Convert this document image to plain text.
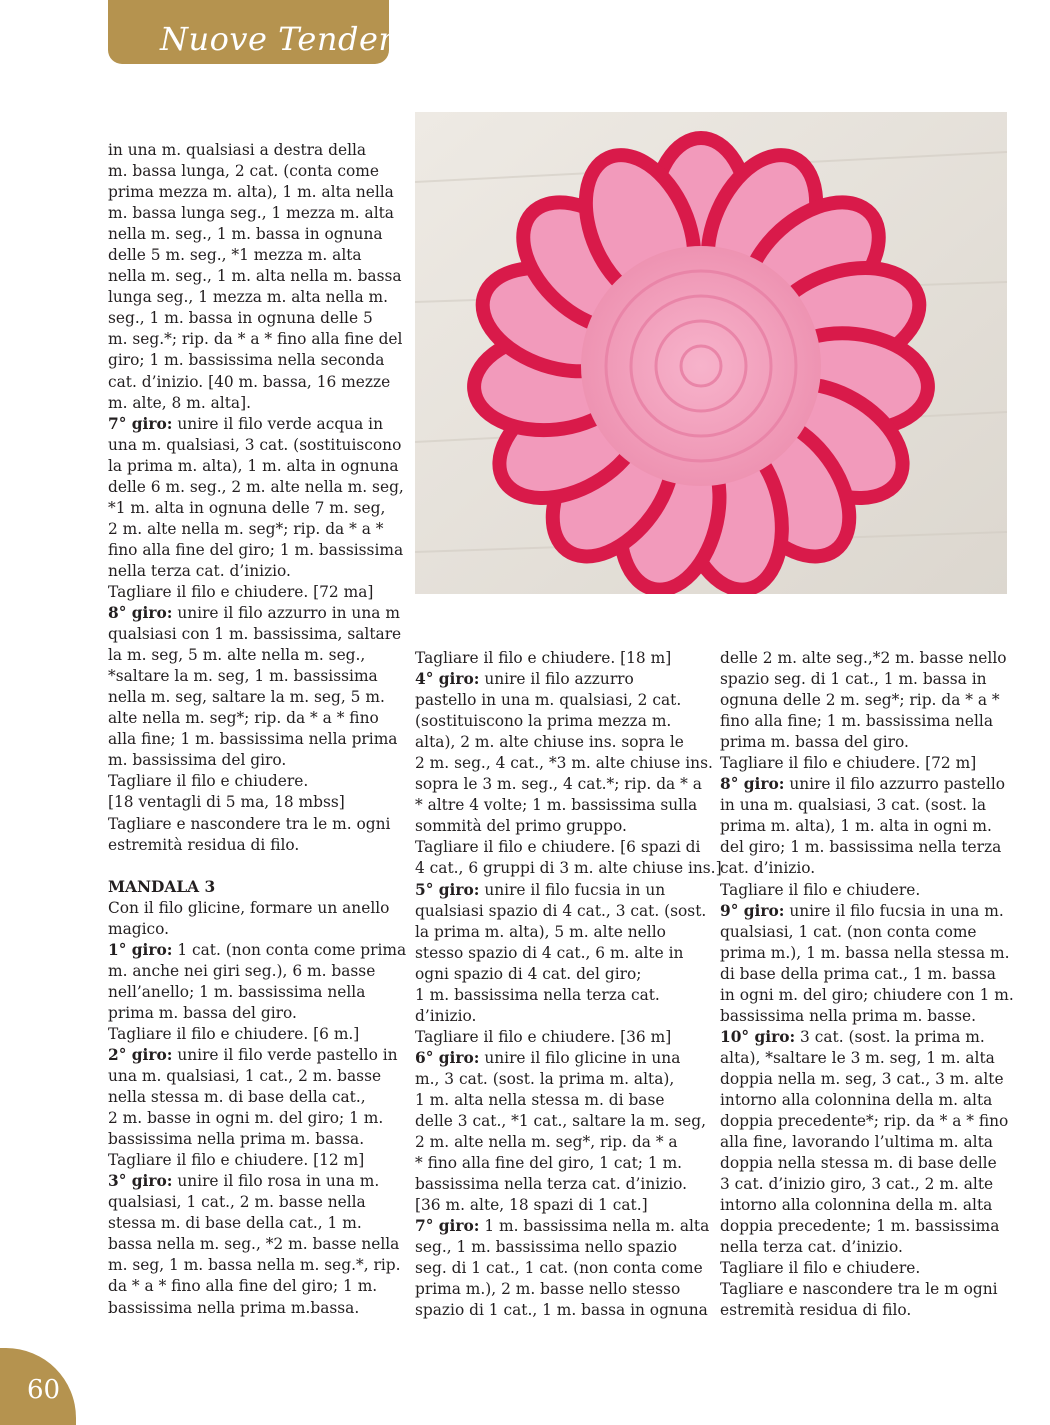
Nuove Tendenze

in una m. qualsiasi a destra della

m. bassa lunga, 2 cat. (conta come

prima mezza m. alta), 1 m. alta nella

m. bassa lunga seg., 1 mezza m. alta

nella m. seg., 1 m. bassa in ognuna

delle 5 m. seg., *1 mezza m. alta

nella m. seg., 1 m. alta nella m. bassa

lunga seg., 1 mezza m. alta nella m.

seg., 1 m. bassa in ognuna delle 5

m. seg.*; rip. da * a * fino alla fine del

giro; 1 m. bassissima nella seconda

cat. d’inizio. [40 m. bassa, 16 mezze

m. alte, 8 m. alta].

7° giro: unire il filo verde acqua in

una m. qualsiasi, 3 cat. (sostituiscono

la prima m. alta), 1 m. alta in ognuna

delle 6 m. seg., 2 m. alte nella m. seg,

*1 m. alta in ognuna delle 7 m. seg,

2 m. alte nella m. seg*; rip. da * a *

fino alla fine del giro; 1 m. bassissima

nella terza cat. d’inizio.

Tagliare il filo e chiudere. [72 ma]

8° giro: unire il filo azzurro in una m

qualsiasi con 1 m. bassissima, saltare

la m. seg, 5 m. alte nella m. seg.,

*saltare la m. seg, 1 m. bassissima

nella m. seg, saltare la m. seg, 5 m.

alte nella m. seg*; rip. da * a * fino

alla fine; 1 m. bassissima nella prima

m. bassissima del giro.

Tagliare il filo e chiudere.

[18 ventagli di 5 ma, 18 mbss]

Tagliare e nascondere tra le m. ogni

estremità residua di filo.

MANDALA 3

Con il filo glicine, formare un anello

magico.

1° giro: 1 cat. (non conta come prima

m. anche nei giri seg.), 6 m. basse

nell’anello; 1 m. bassissima nella

prima m. bassa del giro.

Tagliare il filo e chiudere. [6 m.]

2° giro: unire il filo verde pastello in

una m. qualsiasi, 1 cat., 2 m. basse

nella stessa m. di base della cat.,

2 m. basse in ogni m. del giro; 1 m.

bassissima nella prima m. bassa.

Tagliare il filo e chiudere. [12 m]

3° giro: unire il filo rosa in una m.

qualsiasi, 1 cat., 2 m. basse nella

stessa m. di base della cat., 1 m.

bassa nella m. seg., *2 m. basse nella

m. seg, 1 m. bassa nella m. seg.*, rip.

da * a * fino alla fine del giro; 1 m.

bassissima nella prima m.bassa.

Tagliare il filo e chiudere. [18 m]

4° giro: unire il filo azzurro

pastello in una m. qualsiasi, 2 cat.

(sostituiscono la prima mezza m.

alta), 2 m. alte chiuse ins. sopra le

2 m. seg., 4 cat., *3 m. alte chiuse ins.

sopra le 3 m. seg., 4 cat.*; rip. da * a

* altre 4 volte; 1 m. bassissima sulla

sommità del primo gruppo.

Tagliare il filo e chiudere. [6 spazi di

4 cat., 6 gruppi di 3 m. alte chiuse ins.]

5° giro: unire il filo fucsia in un

qualsiasi spazio di 4 cat., 3 cat. (sost.

la prima m. alta), 5 m. alte nello

stesso spazio di 4 cat., 6 m. alte in

ogni spazio di 4 cat. del giro;

1 m. bassissima nella terza cat.

d’inizio.

Tagliare il filo e chiudere. [36 m]

6° giro: unire il filo glicine in una

m., 3 cat. (sost. la prima m. alta),

1 m. alta nella stessa m. di base

delle 3 cat., *1 cat., saltare la m. seg,

2 m. alte nella m. seg*, rip. da * a

* fino alla fine del giro, 1 cat; 1 m.

bassissima nella terza cat. d’inizio.

[36 m. alte, 18 spazi di 1 cat.]

7° giro: 1 m. bassissima nella m. alta

seg., 1 m. bassissima nello spazio

seg. di 1 cat., 1 cat. (non conta come

prima m.), 2 m. basse nello stesso

spazio di 1 cat., 1 m. bassa in ognuna

delle 2 m. alte seg.,*2 m. basse nello

spazio seg. di 1 cat., 1 m. bassa in

ognuna delle 2 m. seg*; rip. da * a *

fino alla fine; 1 m. bassissima nella

prima m. bassa del giro.

Tagliare il filo e chiudere. [72 m]

8° giro: unire il filo azzurro pastello

in una m. qualsiasi, 3 cat. (sost. la

prima m. alta), 1 m. alta in ogni m.

del giro; 1 m. bassissima nella terza

cat. d’inizio.

Tagliare il filo e chiudere.

9° giro: unire il filo fucsia in una m.

qualsiasi, 1 cat. (non conta come

prima m.), 1 m. bassa nella stessa m.

di base della prima cat., 1 m. bassa

in ogni m. del giro; chiudere con 1 m.

bassissima nella prima m. basse.

10° giro: 3 cat. (sost. la prima m.

alta), *saltare le 3 m. seg, 1 m. alta

doppia nella m. seg, 3 cat., 3 m. alte

intorno alla colonnina della m. alta

doppia precedente*; rip. da * a * fino

alla fine, lavorando l’ultima m. alta

doppia nella stessa m. di base delle

3 cat. d’inizio giro, 3 cat., 2 m. alte

intorno alla colonnina della m. alta

doppia precedente; 1 m. bassissima

nella terza cat. d’inizio.

Tagliare il filo e chiudere.

Tagliare e nascondere tra le m ogni

estremità residua di filo.

60
